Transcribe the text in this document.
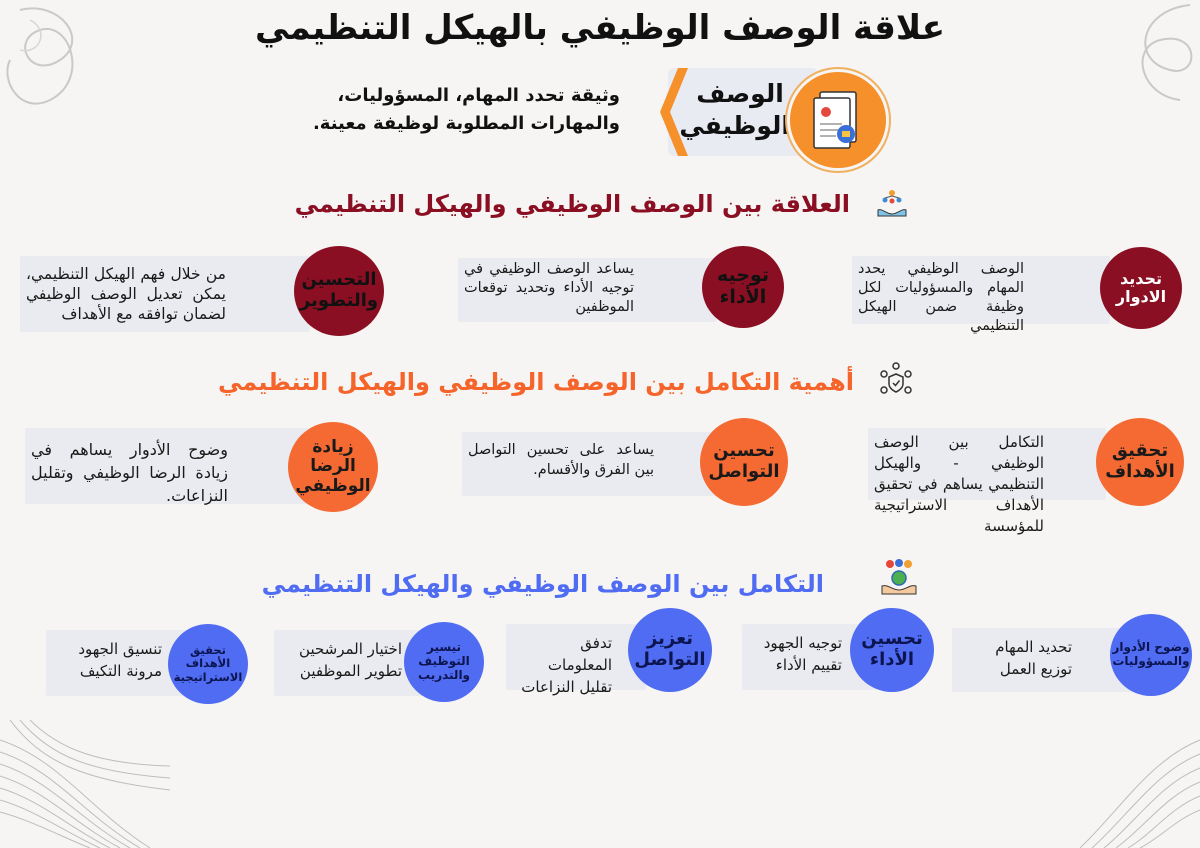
علاقة الوصف الوظيفي بالهيكل التنظيمي
وثيقة تحدد المهام، المسؤوليات،
والمهارات المطلوبة لوظيفة معينة.
الوصف
الوظيفي
العلاقة بين الوصف الوظيفي والهيكل التنظيمي
الوصف الوظيفي يحدد المهام والمسؤوليات لكل وظيفة ضمن الهيكل التنظيمي
تحديد الادوار
يساعد الوصف الوظيفي في توجيه الأداء وتحديد توقعات الموظفين
توجيه الأداء
من خلال فهم الهيكل التنظيمي، يمكن تعديل الوصف الوظيفي لضمان توافقه مع الأهداف
التحسين والتطوير
أهمية التكامل بين الوصف الوظيفي والهيكل التنظيمي
التكامل بين الوصف الوظيفي - والهيكل التنظيمي يساهم في تحقيق الأهداف الاستراتيجية للمؤسسة
تحقيق الأهداف
يساعد على تحسين التواصل بين الفرق والأقسام.
تحسين التواصل
وضوح الأدوار يساهم في زيادة الرضا الوظيفي وتقليل النزاعات.
زيادة الرضا الوظيفي
التكامل بين الوصف الوظيفي والهيكل التنظيمي
تحديد المهام
توزيع العمل
وضوح الأدوار والمسؤوليات
توجيه الجهود
تقييم الأداء
تحسين الأداء
تدفق المعلومات
تقليل النزاعات
تعزيز التواصل
اختيار المرشحين
تطوير الموظفين
تيسير التوظيف والتدريب
تنسيق الجهود
مرونة التكيف
تحقيق الأهداف الاستراتيجية
